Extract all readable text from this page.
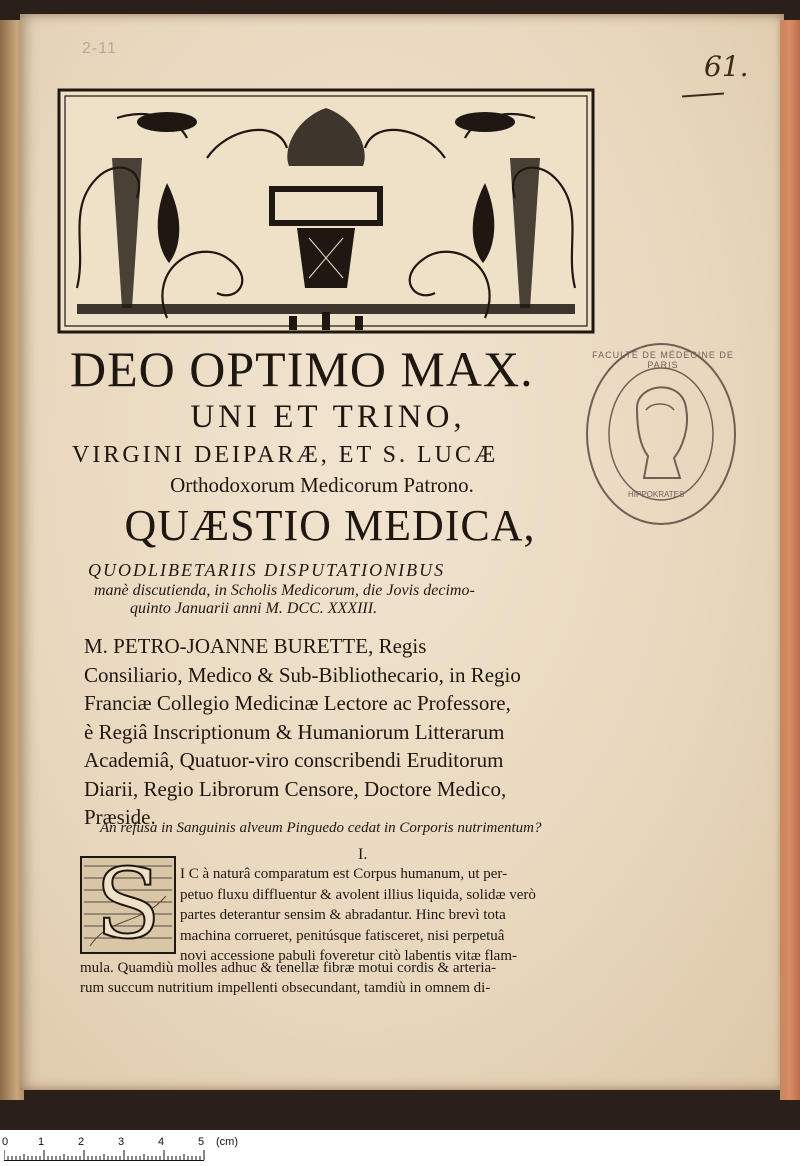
2-11
61.
FACULTÉ DE MÉDECINE DE PARIS
HIPPOKRATES
DEO OPTIMO MAX.
UNI ET TRINO,
VIRGINI DEIPARÆ, ET S. LUCÆ
Orthodoxorum Medicorum Patrono.
QUÆSTIO MEDICA,
QUODLIBETARIIS DISPUTATIONIBUS
manè discutienda, in Scholis Medicorum, die Jovis decimo-
quinto Januarii anni M. DCC. XXXIII.
M. PETRO-JOANNE BURETTE, Regis
Consiliario, Medico & Sub-Bibliothecario, in Regio
Franciæ Collegio Medicinæ Lectore ac Professore,
è Regiâ Inscriptionum & Humaniorum Litterarum
Academiâ, Quatuor-viro conscribendi Eruditorum
Diarii, Regio Librorum Censore, Doctore Medico,
Præside.
An refusa in Sanguinis alveum Pinguedo cedat in Corporis nutrimentum?
I.
S I C à naturâ comparatum est Corpus humanum, ut per-
petuo fluxu diffluentur & avolent illius liquida, solidæ verò
partes deterantur sensim & abradantur. Hinc brevì tota
machina corrueret, penitúsque fatisceret, nisi perpetuâ
novi accessione pabuli foveretur citò labentis vitæ flam-
mula. Quamdiù molles adhuc & tenellæ fibræ motui cordis & arteria-
rum succum nutritium impellenti obsecundant, tamdiù in omnem di-
0	1	2	3	4	5 (cm)
